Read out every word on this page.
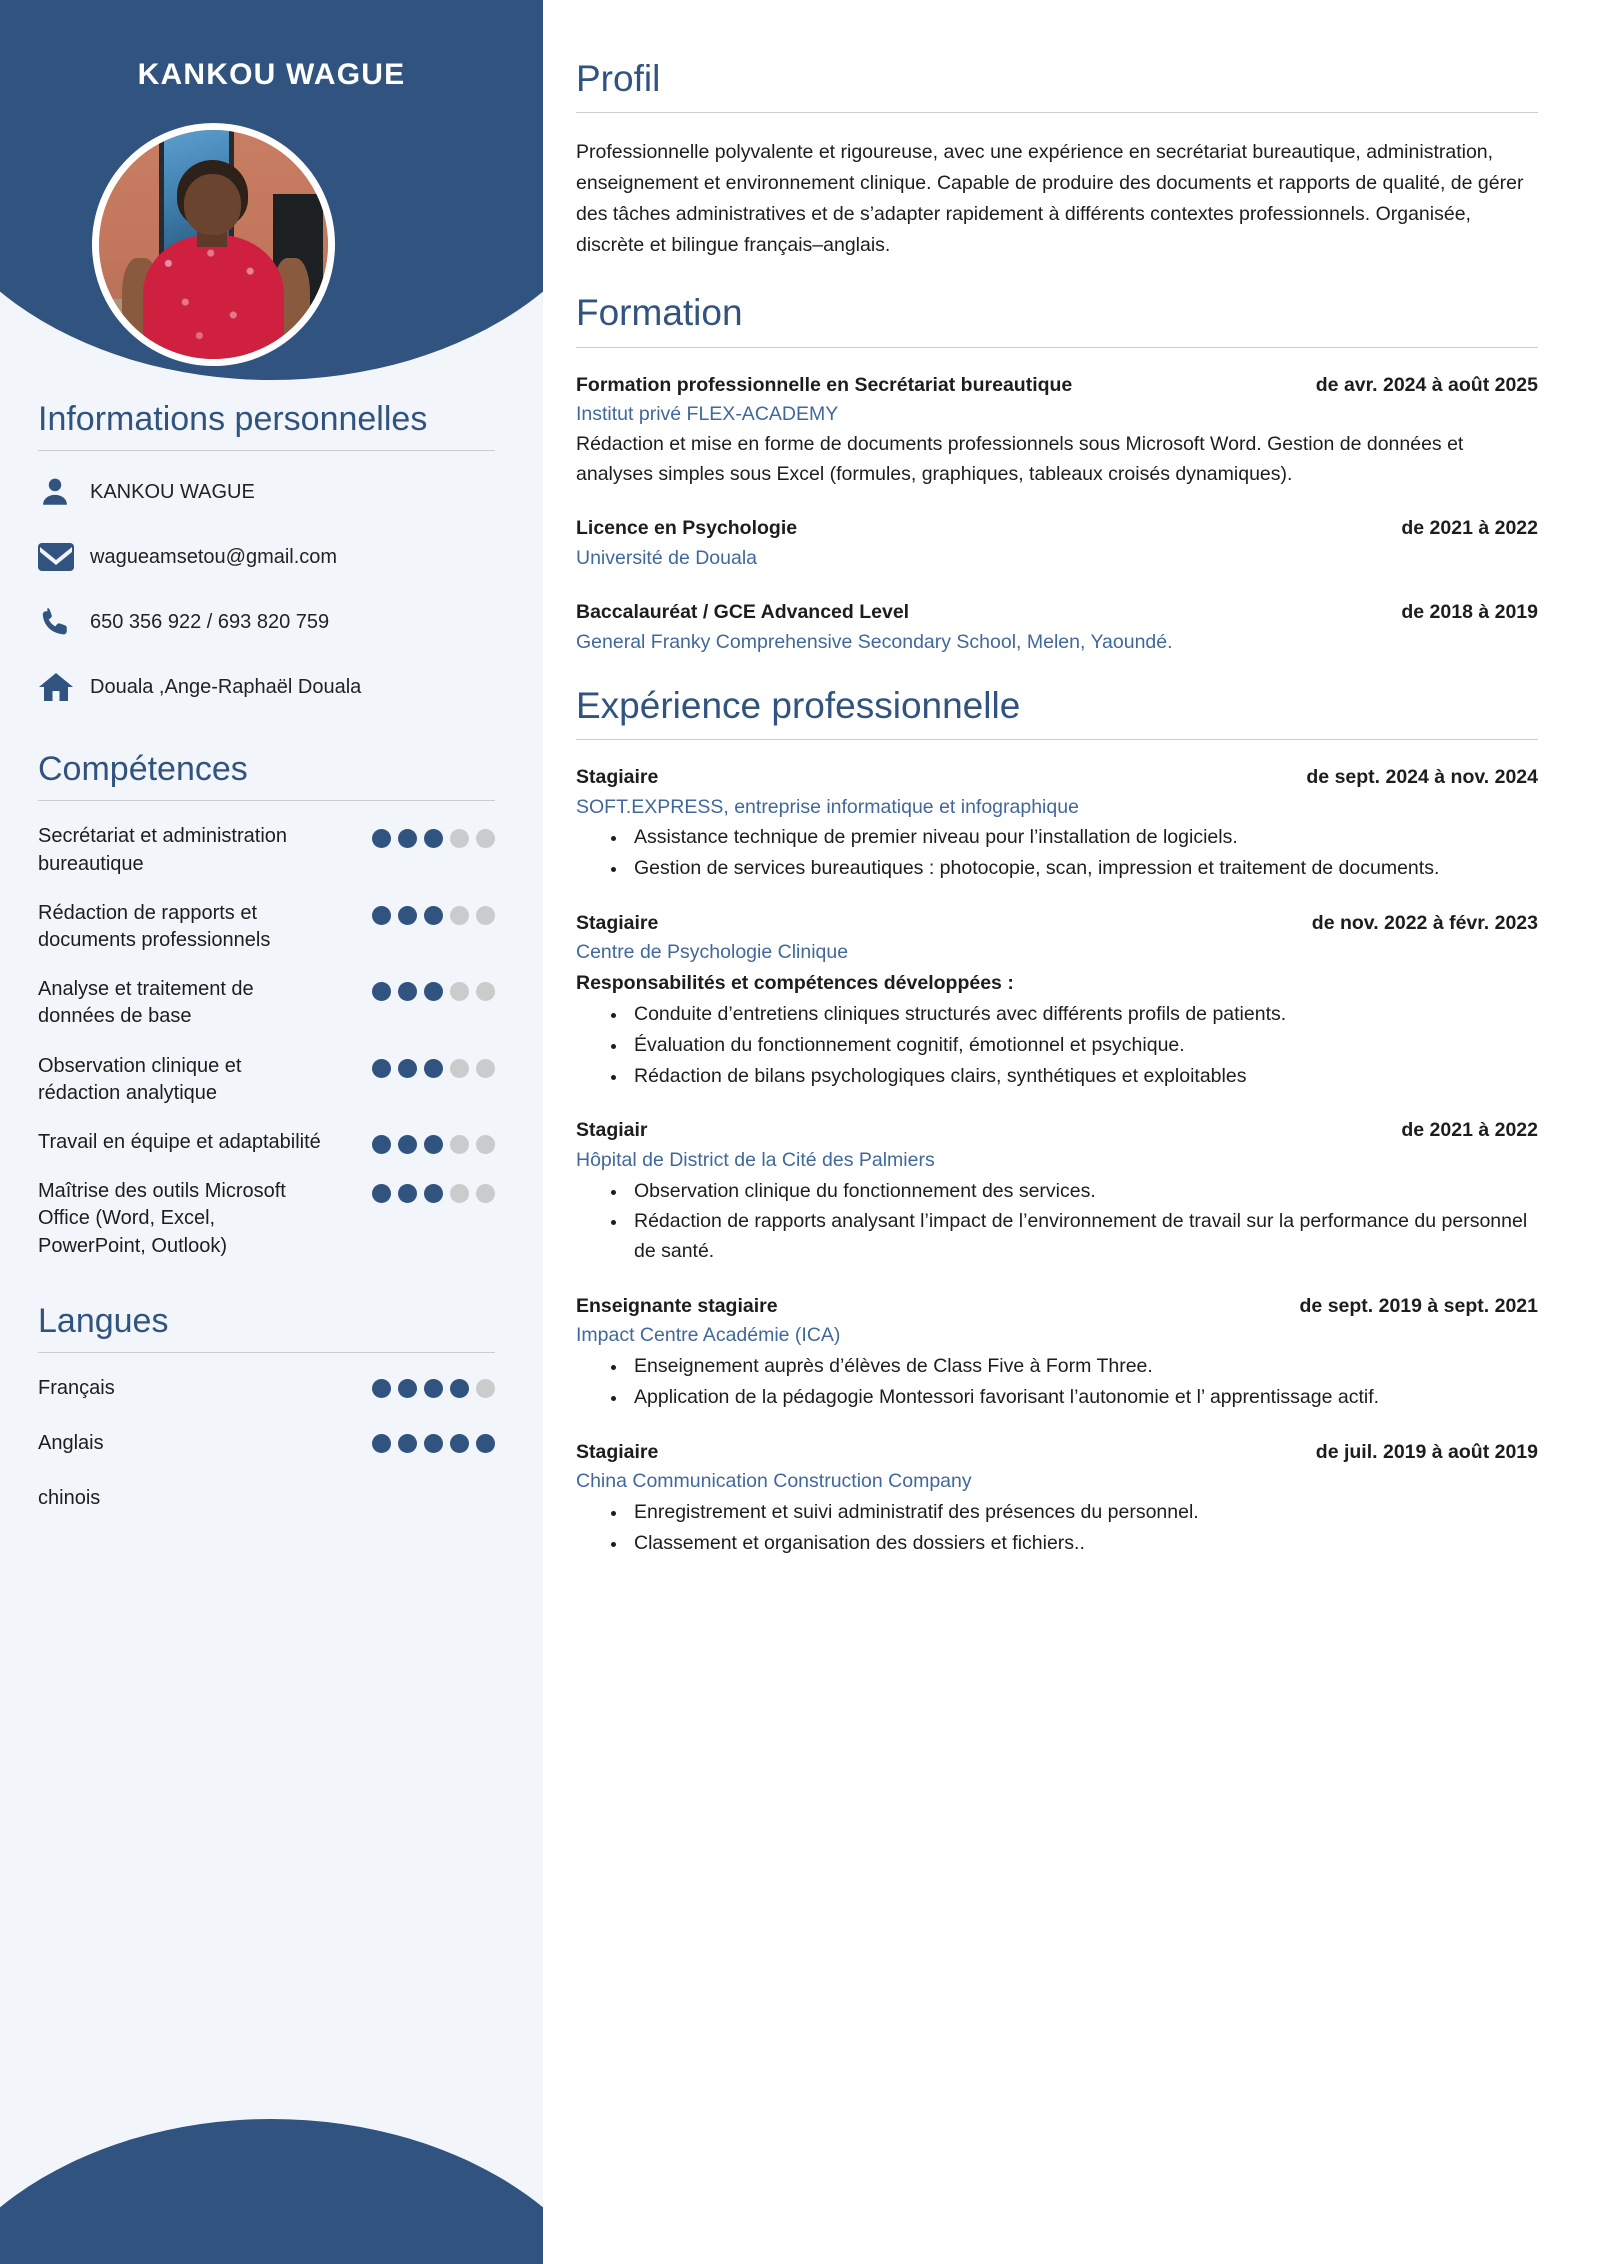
KANKOU WAGUE
Informations personnelles
KANKOU WAGUE
wagueamsetou@gmail.com
650 356 922 / 693 820 759
Douala ,Ange-Raphaël Douala
Compétences
Secrétariat et administration bureautique
Rédaction de rapports et documents professionnels
Analyse et traitement de données de base
Observation clinique et rédaction analytique
Travail en équipe et adaptabilité
Maîtrise des outils Microsoft Office (Word, Excel, PowerPoint, Outlook)
Langues
Français
Anglais
chinois
Profil

Professionnelle polyvalente et rigoureuse, avec une expérience en secrétariat bureautique, administration, enseignement et environnement clinique. Capable de produire des documents et rapports de qualité, de gérer des tâches administratives et de s’adapter rapidement à différents contextes professionnels. Organisée, discrète et bilingue français–anglais.

Formation
Formation professionnelle en Secrétariat bureautique	de avr. 2024 à août 2025
Institut privé FLEX-ACADEMY
Rédaction et mise en forme de documents professionnels sous Microsoft Word. Gestion de données et analyses simples sous Excel (formules, graphiques, tableaux croisés dynamiques).
Licence en Psychologie	de 2021 à 2022
Université de Douala
Baccalauréat / GCE Advanced Level	de 2018 à 2019
General Franky Comprehensive Secondary School, Melen, Yaoundé.
Expérience professionnelle
Stagiaire	de sept. 2024 à nov. 2024
SOFT.EXPRESS, entreprise informatique et infographique
• Assistance technique de premier niveau pour l’installation de logiciels.
• Gestion de services bureautiques : photocopie, scan, impression et traitement de documents.
Stagiaire	de nov. 2022 à févr. 2023
Centre de Psychologie Clinique
Responsabilités et compétences développées :
• Conduite d’entretiens cliniques structurés avec différents profils de patients.
• Évaluation du fonctionnement cognitif, émotionnel et psychique.
• Rédaction de bilans psychologiques clairs, synthétiques et exploitables
Stagiair	de 2021 à 2022
Hôpital de District de la Cité des Palmiers
• Observation clinique du fonctionnement des services.
• Rédaction de rapports analysant l’impact de l’environnement de travail sur la performance du personnel de santé.
Enseignante stagiaire	de sept. 2019 à sept. 2021
Impact Centre Académie (ICA)
• Enseignement auprès d’élèves de Class Five à Form Three.
• Application de la pédagogie Montessori favorisant l’autonomie et l’ apprentissage actif.
Stagiaire	de juil. 2019 à août 2019
China Communication Construction Company
• Enregistrement et suivi administratif des présences du personnel.
• Classement et organisation des dossiers et fichiers..
